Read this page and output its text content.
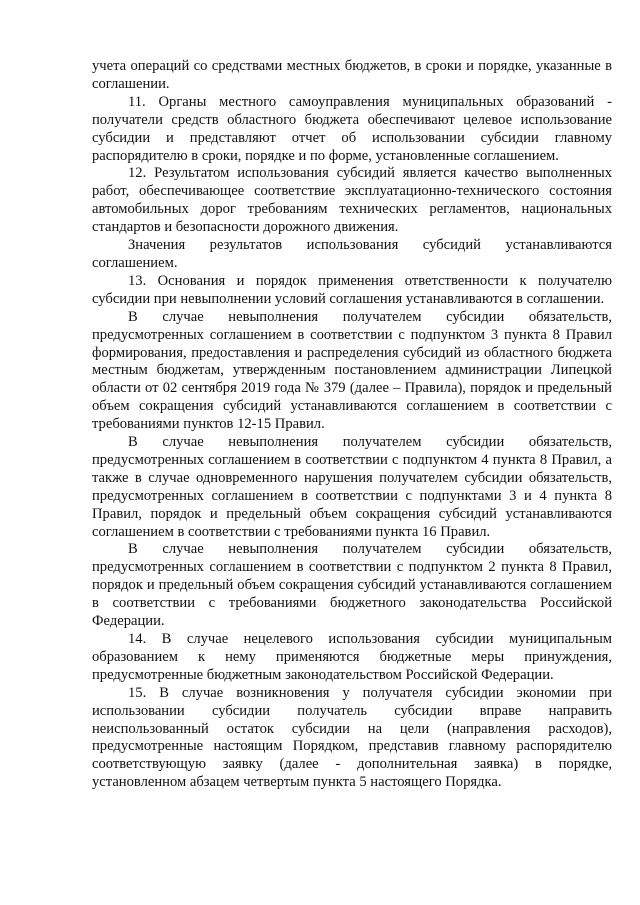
учета операций со средствами местных бюджетов, в сроки и порядке, указанные в соглашении.

11. Органы местного самоуправления муниципальных образований - получатели средств областного бюджета обеспечивают целевое использование субсидии и представляют отчет об использовании субсидии главному распорядителю в сроки, порядке и по форме, установленные соглашением.

12. Результатом использования субсидий является качество выполненных работ, обеспечивающее соответствие эксплуатационно-технического состояния автомобильных дорог требованиям технических регламентов, национальных стандартов и безопасности дорожного движения.

Значения результатов использования субсидий устанавливаются соглашением.

13. Основания и порядок применения ответственности к получателю субсидии при невыполнении условий соглашения устанавливаются в соглашении.

В случае невыполнения получателем субсидии обязательств, предусмотренных соглашением в соответствии с подпунктом 3 пункта 8 Правил формирования, предоставления и распределения субсидий из областного бюджета местным бюджетам, утвержденным постановлением администрации Липецкой области от 02 сентября 2019 года № 379 (далее – Правила), порядок и предельный объем сокращения субсидий устанавливаются соглашением в соответствии с требованиями пунктов 12-15 Правил.

В случае невыполнения получателем субсидии обязательств, предусмотренных соглашением в соответствии с подпунктом 4 пункта 8 Правил, а также в случае одновременного нарушения получателем субсидии обязательств, предусмотренных соглашением в соответствии с подпунктами 3 и 4 пункта 8 Правил, порядок и предельный объем сокращения субсидий устанавливаются соглашением в соответствии с требованиями пункта 16 Правил.

В случае невыполнения получателем субсидии обязательств, предусмотренных соглашением в соответствии с подпунктом 2 пункта 8 Правил, порядок и предельный объем сокращения субсидий устанавливаются соглашением в соответствии с требованиями бюджетного законодательства Российской Федерации.

14. В случае нецелевого использования субсидии муниципальным образованием к нему применяются бюджетные меры принуждения, предусмотренные бюджетным законодательством Российской Федерации.

15. В случае возникновения у получателя субсидии экономии при использовании субсидии получатель субсидии вправе направить неиспользованный остаток субсидии на цели (направления расходов), предусмотренные настоящим Порядком, представив главному распорядителю соответствующую заявку (далее - дополнительная заявка) в порядке, установленном абзацем четвертым пункта 5 настоящего Порядка.
